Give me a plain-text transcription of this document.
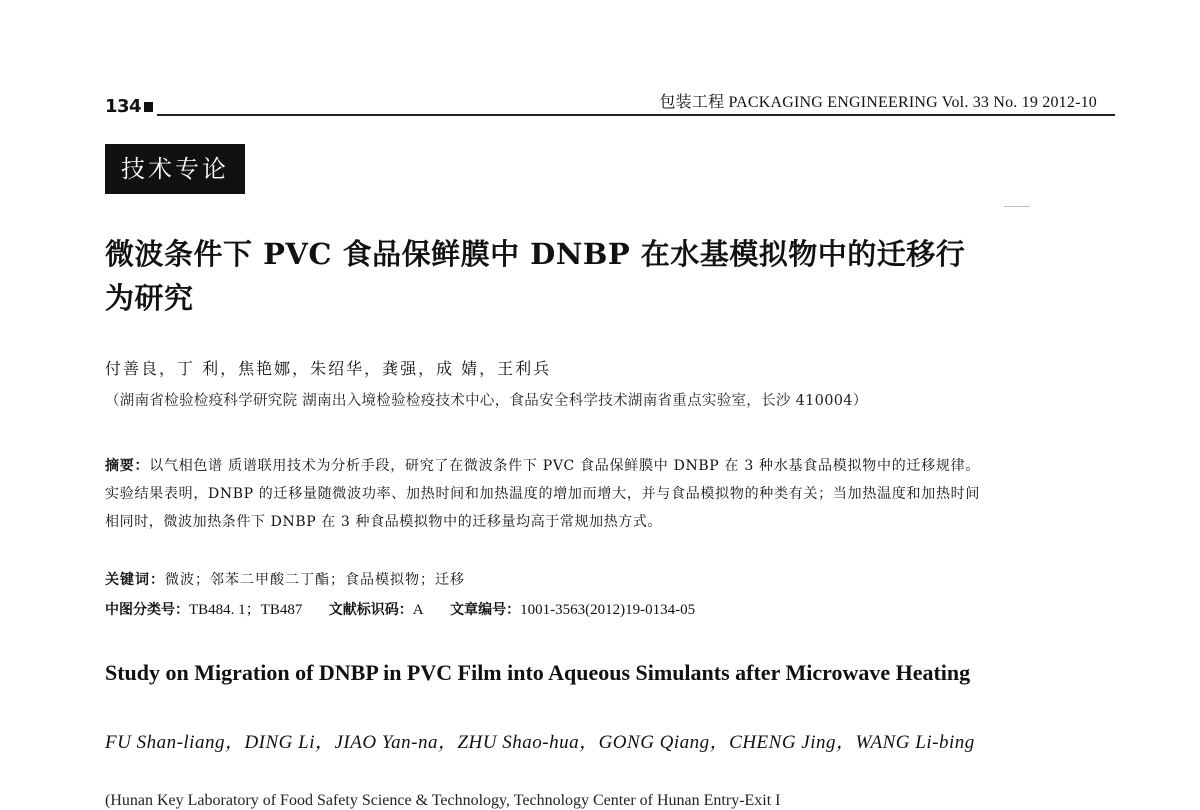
134	包装工程 PACKAGING ENGINEERING Vol. 33 No. 19 2012-10
技术专论
微波条件下 PVC 食品保鲜膜中 DNBP 在水基模拟物中的迁移行为研究
付善良，丁 利，焦艳娜，朱绍华，龚强，成 婧，王利兵
（湖南省检验检疫科学研究院 湖南出入境检验检疫技术中心，食品安全科学技术湖南省重点实验室，长沙 410004）
摘要：以气相色谱 质谱联用技术为分析手段，研究了在微波条件下 PVC 食品保鲜膜中 DNBP 在 3 种水基食品模拟物中的迁移规律。实验结果表明，DNBP 的迁移量随微波功率、加热时间和加热温度的增加而增大，并与食品模拟物的种类有关；当加热温度和加热时间相同时，微波加热条件下 DNBP 在 3 种食品模拟物中的迁移量均高于常规加热方式。
关键词：微波；邻苯二甲酸二丁酯；食品模拟物；迁移
中图分类号：TB484. 1；TB487 文献标识码：A 文章编号：1001-3563(2012)19-0134-05
Study on Migration of DNBP in PVC Film into Aqueous Simulants after Microwave Heating
FU Shan-liang，DING Li，JIAO Yan-na，ZHU Shao-hua，GONG Qiang，CHENG Jing，WANG Li-bing
(Hunan Key Laboratory of Food Safety Science & Technology, Technology Center of Hunan Entry-Exit I
